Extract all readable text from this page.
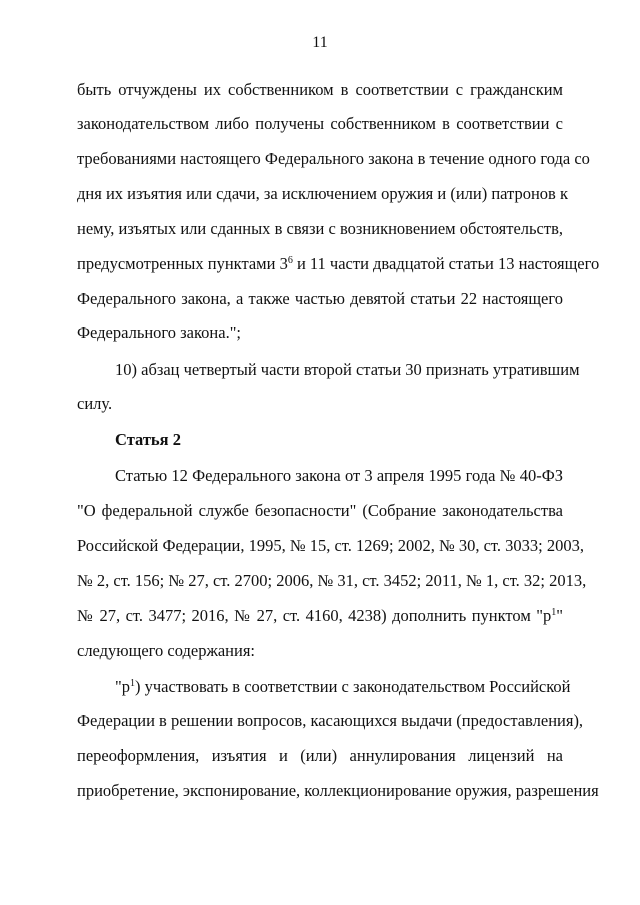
11
быть отчуждены их собственником в соответствии с гражданским
законодательством либо получены собственником в соответствии с
требованиями настоящего Федерального закона в течение одного года со
дня их изъятия или сдачи, за исключением оружия и (или) патронов к
нему, изъятых или сданных в связи с возникновением обстоятельств,
предусмотренных пунктами $3^6$ и 11 части двадцатой статьи 13 настоящего
Федерального закона, а также частью девятой статьи 22 настоящего
Федерального закона.";
10) абзац четвертый части второй статьи 30 признать утратившим
силу.
Статья 2
Статью 12 Федерального закона от 3 апреля 1995 года № 40-ФЗ
"О федеральной службе безопасности" (Собрание законодательства
Российской Федерации, 1995, № 15, ст. 1269; 2002, № 30, ст. 3033; 2003,
№ 2, ст. 156; № 27, ст. 2700; 2006, № 31, ст. 3452; 2011, № 1, ст. 32; 2013,
№ 27, ст. 3477; 2016, № 27, ст. 4160, 4238) дополнить пунктом "$р^1$"
следующего содержания:
"$р^1$) участвовать в соответствии с законодательством Российской
Федерации в решении вопросов, касающихся выдачи (предоставления),
переоформления, изъятия и (или) аннулирования лицензий на
приобретение, экспонирование, коллекционирование оружия, разрешения
